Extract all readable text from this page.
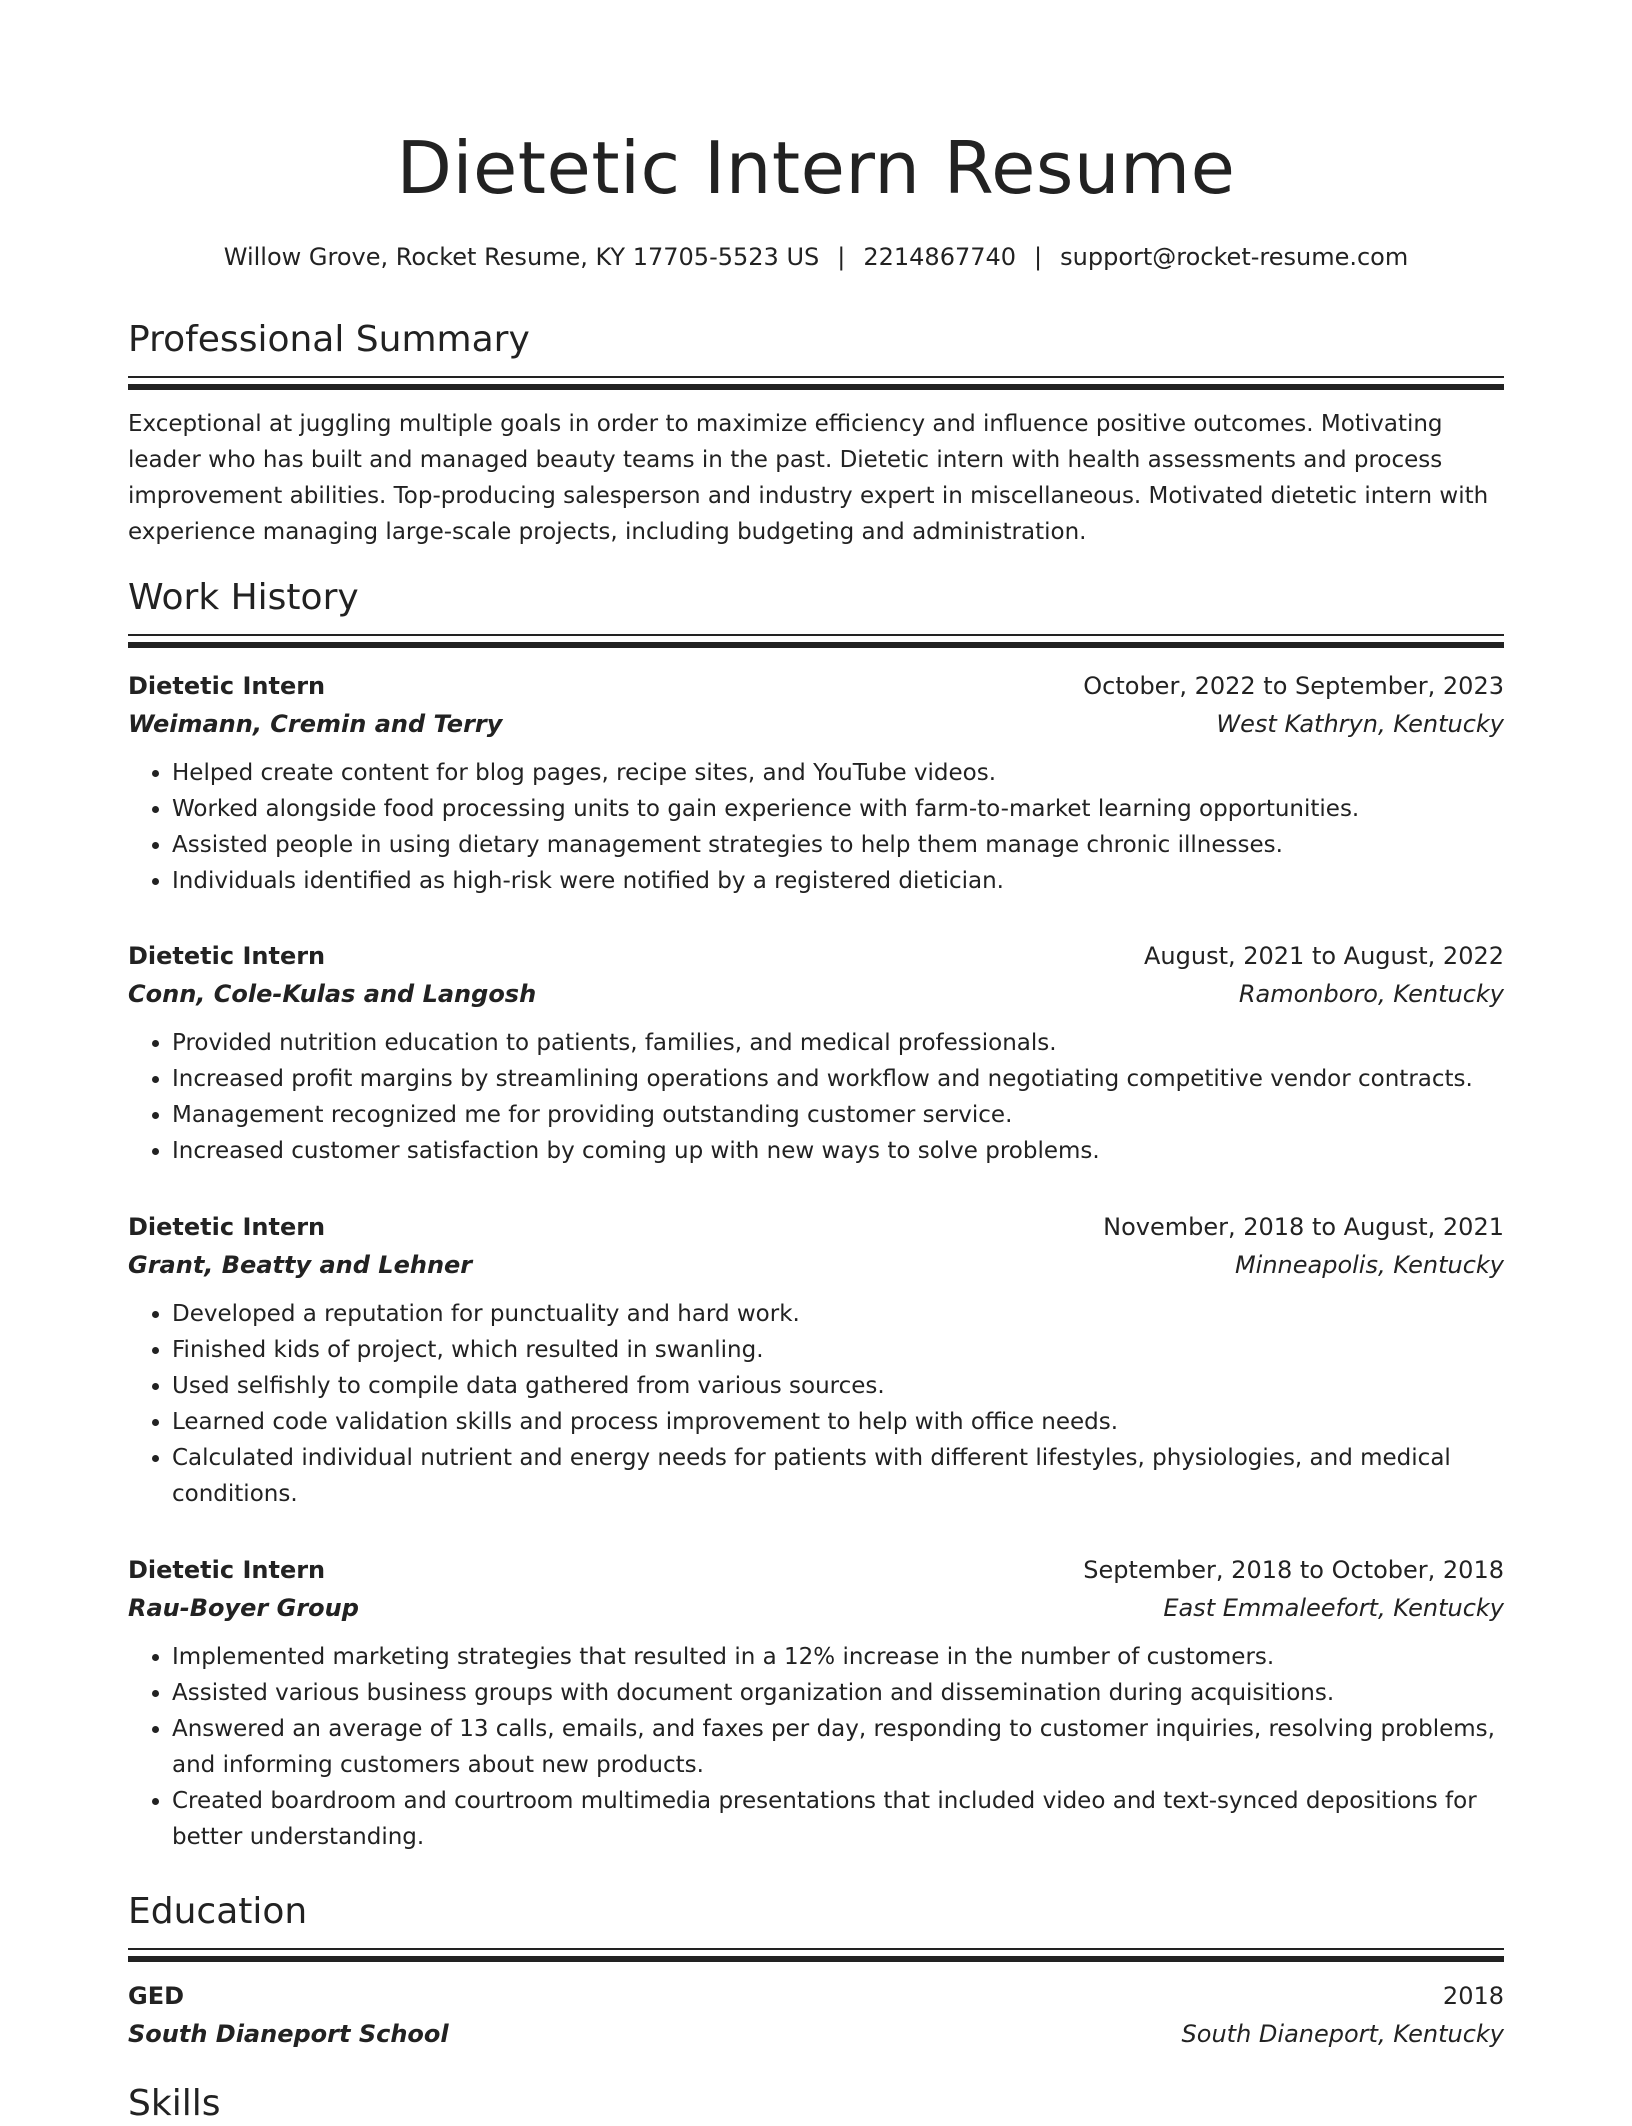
Dietetic Intern Resume
Willow Grove, Rocket Resume, KY 17705-5523 US | 2214867740 | support@rocket-resume.com
Professional Summary
Exceptional at juggling multiple goals in order to maximize efficiency and influence positive outcomes. Motivating leader who has built and managed beauty teams in the past. Dietetic intern with health assessments and process improvement abilities. Top-producing salesperson and industry expert in miscellaneous. Motivated dietetic intern with experience managing large-scale projects, including budgeting and administration.
Work History
Dietetic Intern	October, 2022 to September, 2023
Weimann, Cremin and Terry	West Kathryn, Kentucky
• Helped create content for blog pages, recipe sites, and YouTube videos.
• Worked alongside food processing units to gain experience with farm-to-market learning opportunities.
• Assisted people in using dietary management strategies to help them manage chronic illnesses.
• Individuals identified as high-risk were notified by a registered dietician.
Dietetic Intern	August, 2021 to August, 2022
Conn, Cole-Kulas and Langosh	Ramonboro, Kentucky
• Provided nutrition education to patients, families, and medical professionals.
• Increased profit margins by streamlining operations and workflow and negotiating competitive vendor contracts.
• Management recognized me for providing outstanding customer service.
• Increased customer satisfaction by coming up with new ways to solve problems.
Dietetic Intern	November, 2018 to August, 2021
Grant, Beatty and Lehner	Minneapolis, Kentucky
• Developed a reputation for punctuality and hard work.
• Finished kids of project, which resulted in swanling.
• Used selfishly to compile data gathered from various sources.
• Learned code validation skills and process improvement to help with office needs.
• Calculated individual nutrient and energy needs for patients with different lifestyles, physiologies, and medical conditions.
Dietetic Intern	September, 2018 to October, 2018
Rau-Boyer Group	East Emmaleefort, Kentucky
• Implemented marketing strategies that resulted in a 12% increase in the number of customers.
• Assisted various business groups with document organization and dissemination during acquisitions.
• Answered an average of 13 calls, emails, and faxes per day, responding to customer inquiries, resolving problems, and informing customers about new products.
• Created boardroom and courtroom multimedia presentations that included video and text-synced depositions for better understanding.
Education
GED	2018
South Dianeport School	South Dianeport, Kentucky
Skills
